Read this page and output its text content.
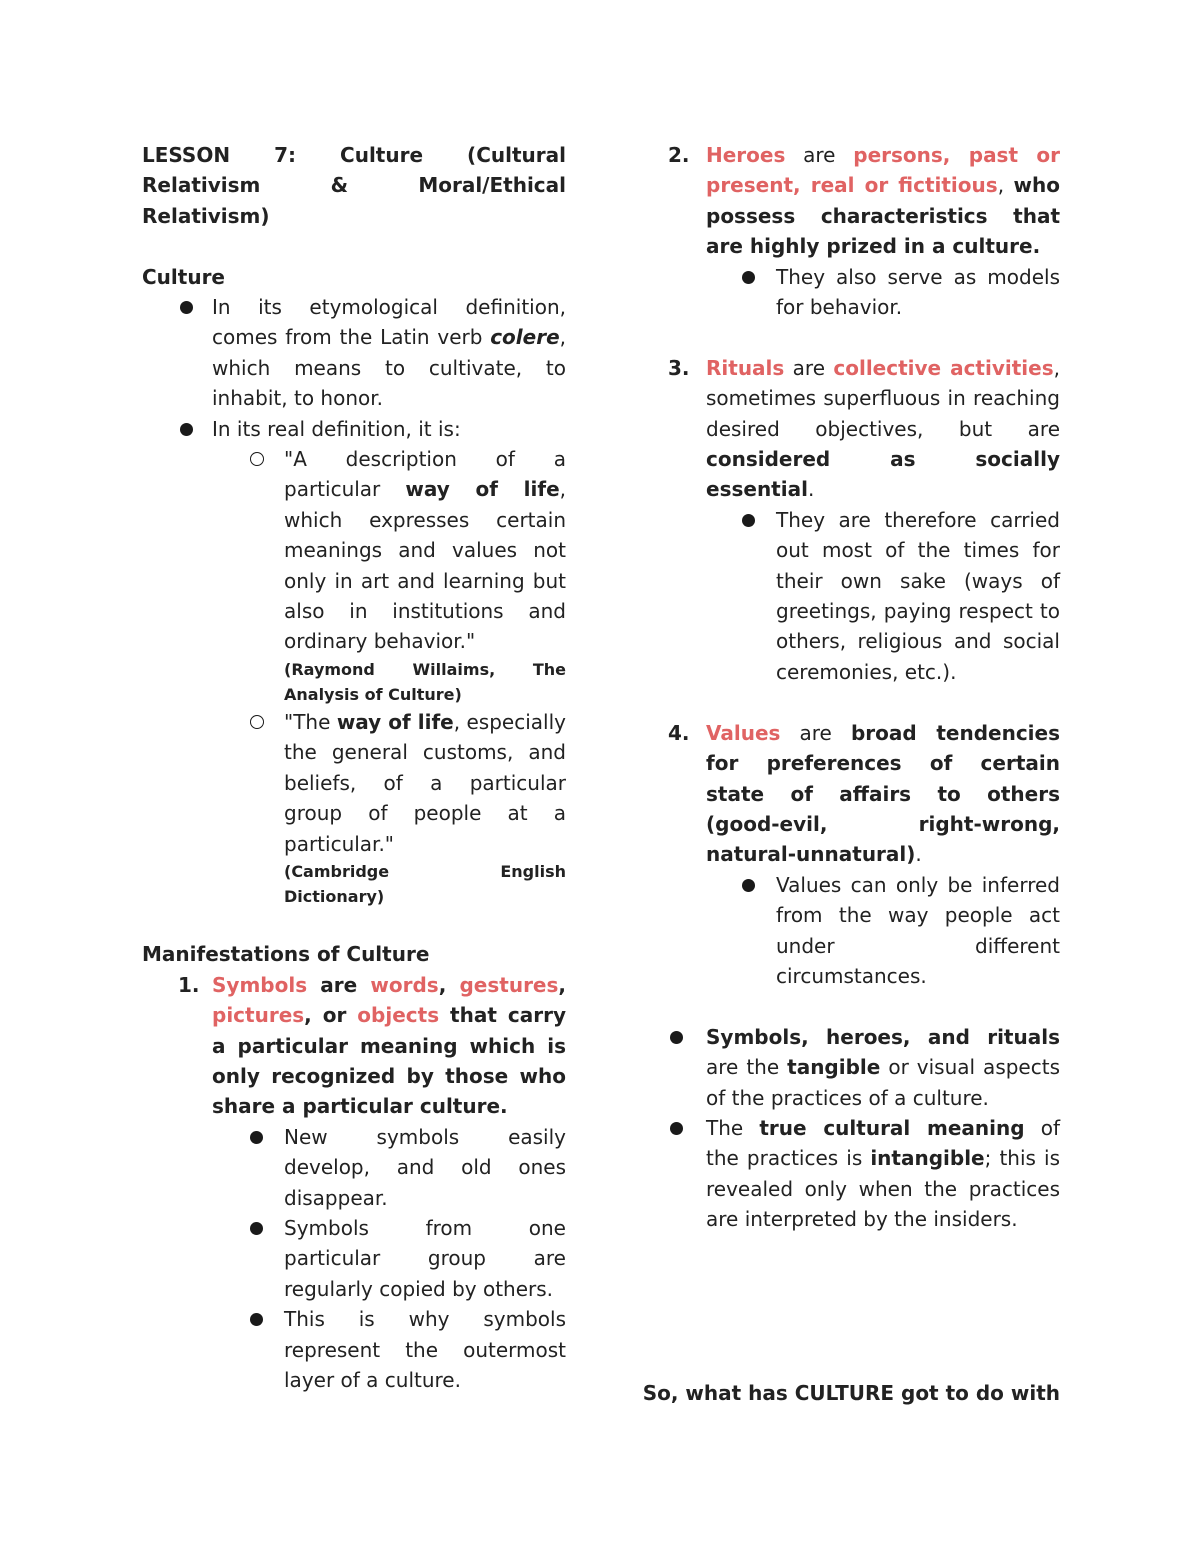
LESSON 7: Culture (Cultural Relativism & Moral/Ethical Relativism)

Culture

In its etymological definition, comes from the Latin verb colere, which means to cultivate, to inhabit, to honor.

In its real definition, it is:

"A description of a particular way of life, which expresses certain meanings and values not only in art and learning but also in institutions and ordinary behavior."

(Raymond Willaims, The Analysis of Culture)

"The way of life, especially the general customs, and beliefs, of a particular group of people at a particular."

(Cambridge English Dictionary)

Manifestations of Culture

1. Symbols are words, gestures, pictures, or objects that carry a particular meaning which is only recognized by those who share a particular culture.

New symbols easily develop, and old ones disappear.

Symbols from one particular group are regularly copied by others.

This is why symbols represent the outermost layer of a culture.

2. Heroes are persons, past or present, real or fictitious, who possess characteristics that are highly prized in a culture.

They also serve as models for behavior.

3. Rituals are collective activities, sometimes superfluous in reaching desired objectives, but are considered as socially essential.

They are therefore carried out most of the times for their own sake (ways of greetings, paying respect to others, religious and social ceremonies, etc.).

4. Values are broad tendencies for preferences of certain state of affairs to others (good-evil, right-wrong, natural-unnatural).

Values can only be inferred from the way people act under different circumstances.

Symbols, heroes, and rituals are the tangible or visual aspects of the practices of a culture.

The true cultural meaning of the practices is intangible; this is revealed only when the practices are interpreted by the insiders.

So, what has CULTURE got to do with
